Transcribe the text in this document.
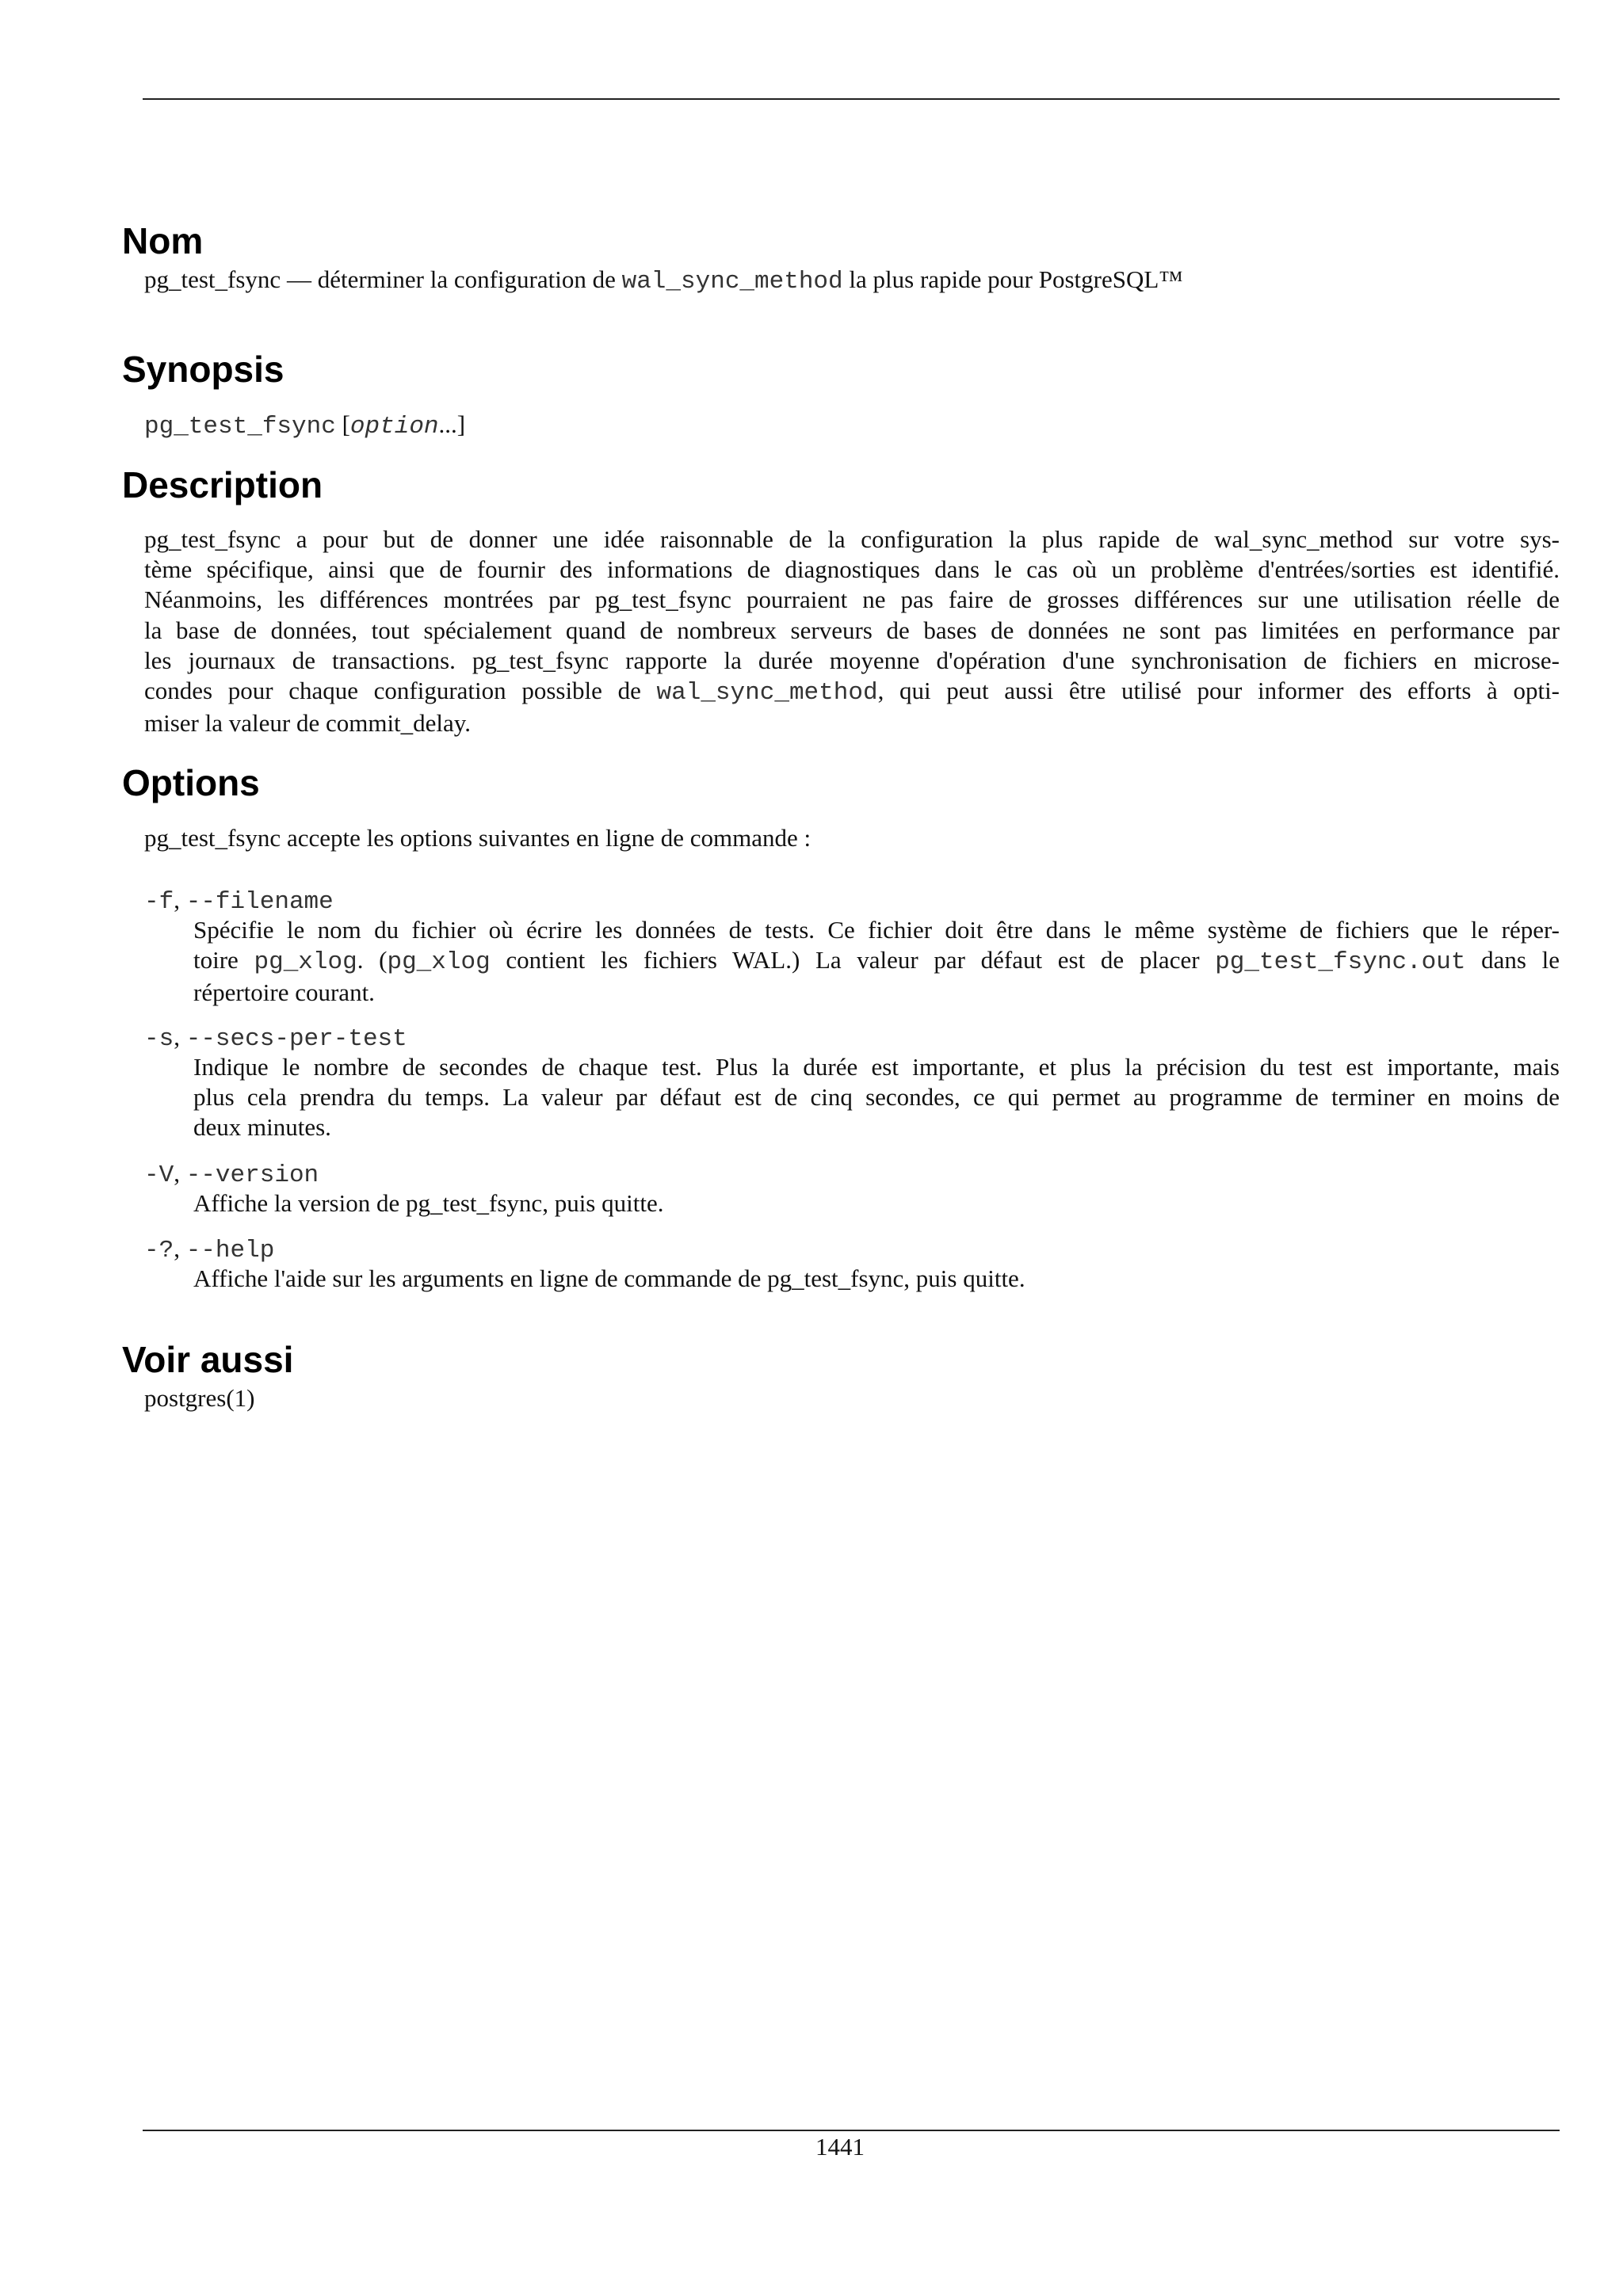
Nom
pg_test_fsync — déterminer la configuration de wal_sync_method la plus rapide pour PostgreSQL™
Synopsis
pg_test_fsync [option...]
Description
pg_test_fsync a pour but de donner une idée raisonnable de la configuration la plus rapide de wal_sync_method sur votre sys-
tème spécifique, ainsi que de fournir des informations de diagnostiques dans le cas où un problème d'entrées/sorties est identifié.
Néanmoins, les différences montrées par pg_test_fsync pourraient ne pas faire de grosses différences sur une utilisation réelle de
la base de données, tout spécialement quand de nombreux serveurs de bases de données ne sont pas limitées en performance par
les journaux de transactions. pg_test_fsync rapporte la durée moyenne d'opération d'une synchronisation de fichiers en microse-
condes pour chaque configuration possible de wal_sync_method, qui peut aussi être utilisé pour informer des efforts à opti-
miser la valeur de commit_delay.
Options
pg_test_fsync accepte les options suivantes en ligne de commande :
-f, --filename
Spécifie le nom du fichier où écrire les données de tests. Ce fichier doit être dans le même système de fichiers que le réper-
toire pg_xlog. (pg_xlog contient les fichiers WAL.) La valeur par défaut est de placer pg_test_fsync.out dans le
répertoire courant.
-s, --secs-per-test
Indique le nombre de secondes de chaque test. Plus la durée est importante, et plus la précision du test est importante, mais
plus cela prendra du temps. La valeur par défaut est de cinq secondes, ce qui permet au programme de terminer en moins de
deux minutes.
-V, --version
Affiche la version de pg_test_fsync, puis quitte.
-?, --help
Affiche l'aide sur les arguments en ligne de commande de pg_test_fsync, puis quitte.
Voir aussi
postgres(1)
1441
